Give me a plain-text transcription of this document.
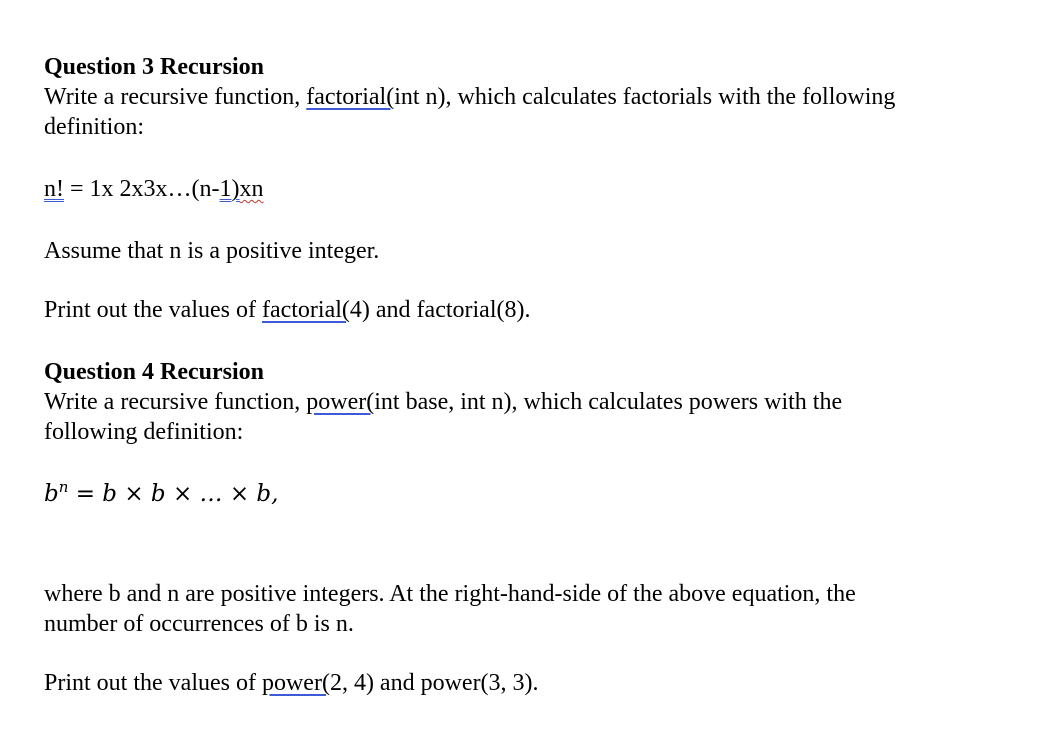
Question 3 Recursion
Write a recursive function, factorial(int n), which calculates factorials with the following
definition:
n! = 1x 2x3x…(n-1)xn
Assume that n is a positive integer.
Print out the values of factorial(4) and factorial(8).
Question 4 Recursion
Write a recursive function, power(int base, int n), which calculates powers with the
following definition:
$b^n = b \times b$ × … × b,
where b and n are positive integers. At the right-hand-side of the above equation, the
number of occurrences of b is n.
Print out the values of power(2, 4) and power(3, 3).
